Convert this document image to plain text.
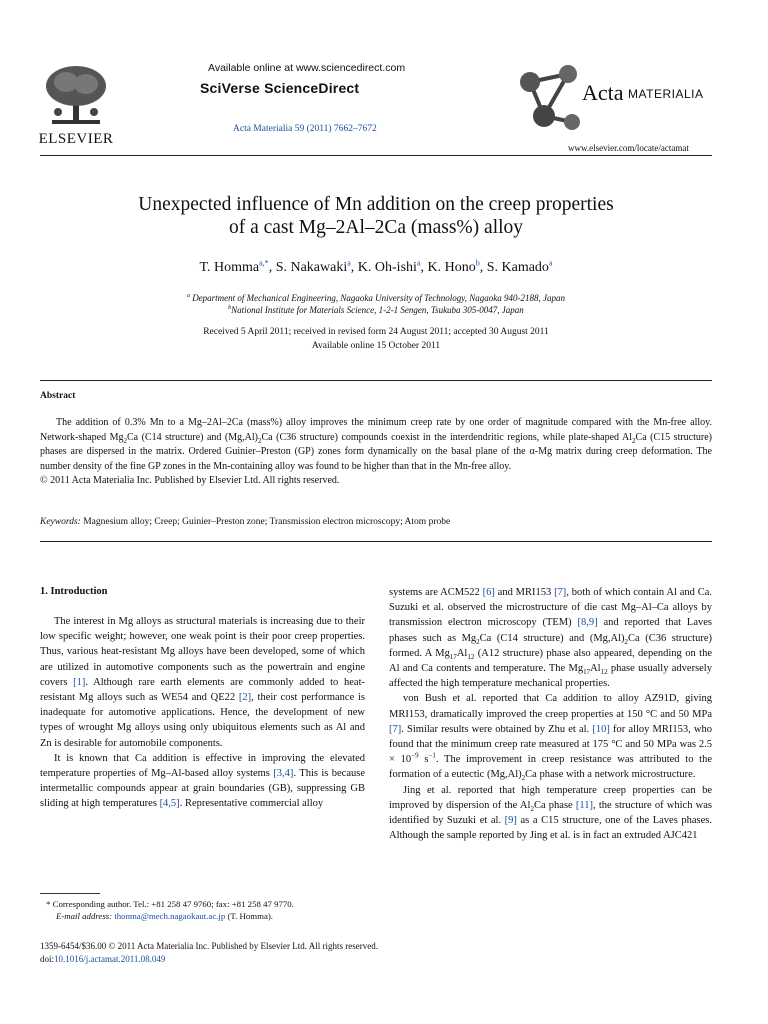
ELSEVIER
Available online at www.sciencedirect.com
SciVerse ScienceDirect
Acta Materialia 59 (2011) 7662–7672
Acta MATERIALIA
www.elsevier.com/locate/actamat
Unexpected influence of Mn addition on the creep properties
of a cast Mg–2Al–2Ca (mass%) alloy
T. Homma$^{a,*}$, S. Nakawaki$^a$, K. Oh-ishi$^a$, K. Hono$^b$, S. Kamado$^a$
$^a$ Department of Mechanical Engineering, Nagaoka University of Technology, Nagaoka 940-2188, Japan
$^b$National Institute for Materials Science, 1-2-1 Sengen, Tsukuba 305-0047, Japan
Received 5 April 2011; received in revised form 24 August 2011; accepted 30 August 2011
Available online 15 October 2011
Abstract
The addition of 0.3% Mn to a Mg–2Al–2Ca (mass%) alloy improves the minimum creep rate by one order of magnitude compared with the Mn-free alloy. Network-shaped $Mg_2Ca$ (C14 structure) and $(Mg,Al)_2Ca$ (C36 structure) compounds coexist in the interdendritic regions, while plate-shaped $Al_2Ca$ (C15 structure) phases are dispersed in the matrix. Ordered Guinier–Preston (GP) zones form dynamically on the basal plane of the α-Mg matrix during creep deformation. The number density of the fine GP zones in the Mn-containing alloy was found to be higher than that in the Mn-free alloy.
© 2011 Acta Materialia Inc. Published by Elsevier Ltd. All rights reserved.
Keywords: Magnesium alloy; Creep; Guinier–Preston zone; Transmission electron microscopy; Atom probe
1. Introduction

The interest in Mg alloys as structural materials is increasing due to their low specific weight; however, one weak point is their poor creep properties. Thus, various heat-resistant Mg alloys have been developed, some of which are utilized in automotive components such as the powertrain and engine covers [1]. Although rare earth elements are commonly added to heat-resistant Mg alloys such as WE54 and QE22 [2], their cost performance is inadequate for automotive applications. Hence, the development of new types of wrought Mg alloys using only ubiquitous elements such as Al and Zn is desirable for automobile components.

It is known that Ca addition is effective in improving the elevated temperature properties of Mg–Al-based alloy systems [3,4]. This is because intermetallic compounds appear at grain boundaries (GB), suppressing GB sliding at high temperatures [4,5]. Representative commercial alloy

* Corresponding author. Tel.: +81 258 47 9760; fax: +81 258 47 9770.
E-mail address: thonma@mech.nagaokaut.ac.jp (T. Homma).

systems are ACM522 [6] and MRI153 [7], both of which contain Al and Ca. Suzuki et al. observed the microstructure of die cast Mg–Al–Ca alloys by transmission electron microscopy (TEM) [8,9] and reported that Laves phases such as $Mg_2Ca$ (C14 structure) and $(Mg,Al)_2Ca$ (C36 structure) formed. A $Mg_{17}Al_{12}$ (A12 structure) phase also appeared, depending on the Al and Ca contents and temperature. The $Mg_{17}Al_{12}$ phase usually adversely affected the high temperature mechanical properties.

von Bush et al. reported that Ca addition to alloy AZ91D, giving MRI153, dramatically improved the creep properties at 150 °C and 50 MPa [7]. Similar results were obtained by Zhu et al. [10] for alloy MRI153, who found that the minimum creep rate measured at 175 °C and 50 MPa was $2.5 \times 10^{-9}$ $s^{-1}$. The improvement in creep resistance was attributed to the formation of a eutectic $(Mg,Al)_2Ca$ phase with a network microstructure.

Jing et al. reported that high temperature creep properties can be improved by dispersion of the $Al_2Ca$ phase [11], the structure of which was identified by Suzuki et al. [9] as a C15 structure, one of the Laves phases. Although the sample reported by Jing et al. is in fact an extruded AJC421

1359-6454/$36.00 © 2011 Acta Materialia Inc. Published by Elsevier Ltd. All rights reserved.
doi:10.1016/j.actamat.2011.08.049
